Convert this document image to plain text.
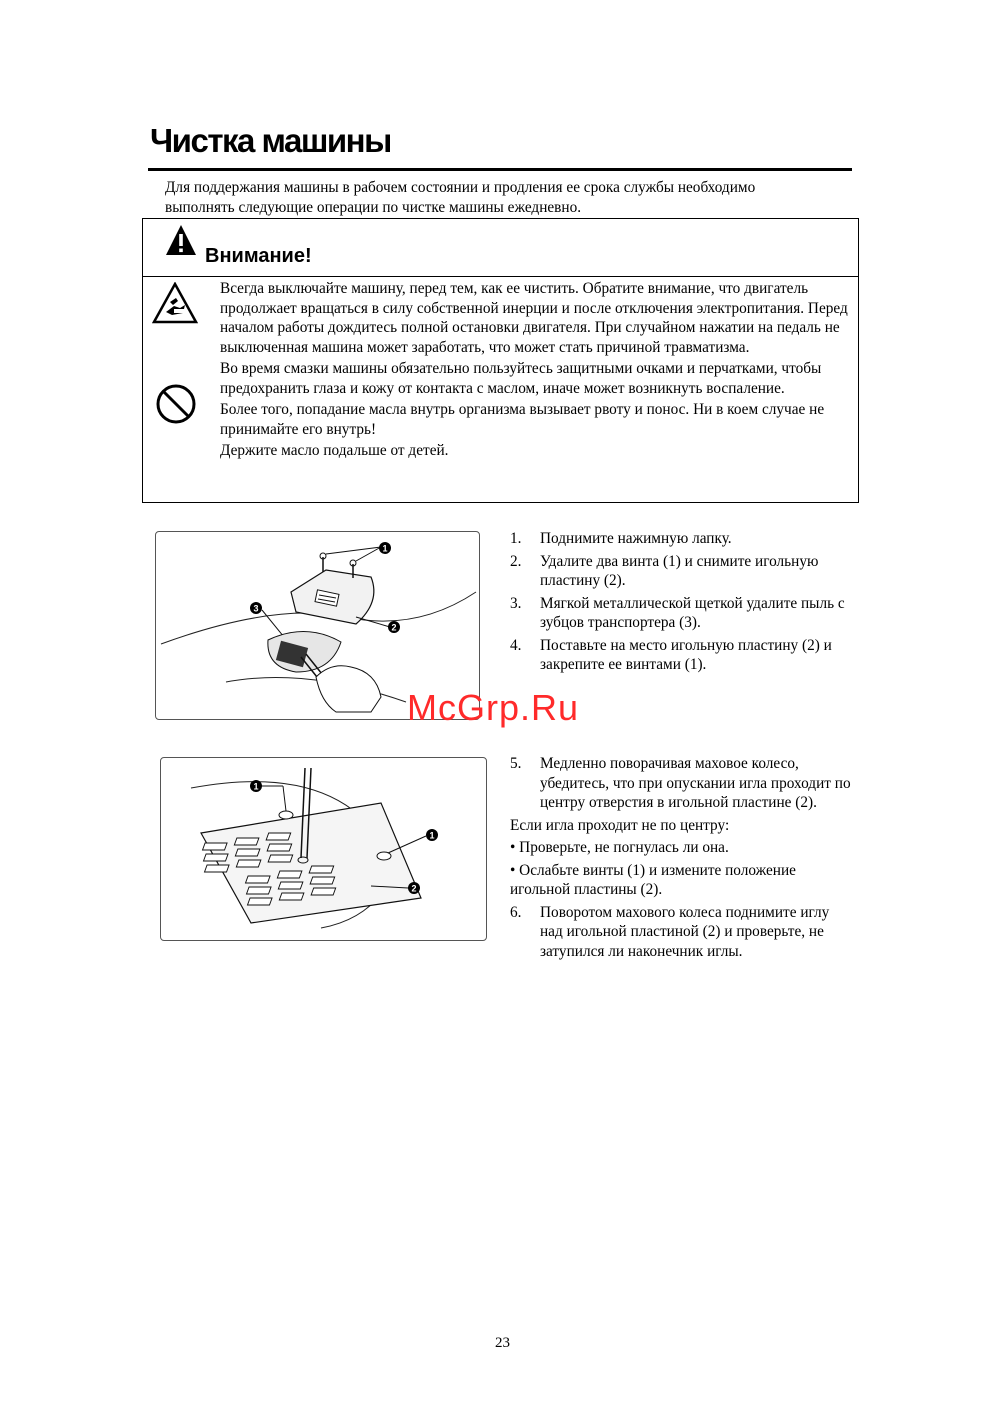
Чистка машины

Для поддержания машины в рабочем состоянии и продления ее срока службы необходимо

выполнять следующие операции по чистке машины ежедневно.

Внимание!

Всегда выключайте машину, перед тем, как ее чистить. Обратите внимание, что двигатель продолжает вращаться в силу собственной инерции и после отключения электропитания. Перед началом работы дождитесь полной остановки двигателя. При случайном нажатии на педаль не выключенная машина может заработать, что может стать причиной травматизма.

Во время смазки машины обязательно пользуйтесь защитными очками и перчатками, чтобы предохранить глаза и кожу от контакта с маслом, иначе может возникнуть воспаление.

Более того, попадание масла внутрь организма вызывает рвоту и понос. Ни в коем случае не принимайте его внутрь!

Держите масло подальше от детей.

1
2
3
1. Поднимите нажимную лапку.
2. Удалите два винта (1) и снимите игольную пластину (2).
3. Мягкой металлической щеткой удалите пыль с зубцов транспортера (3).
4. Поставьте на место игольную пластину (2) и закрепите ее винтами (1).
McGrp.Ru
1
1
2
5. Медленно поворачивая маховое колесо, убедитесь, что при опускании игла проходит по центру отверстия в игольной пластине (2).

Если игла проходит не по центру:

• Проверьте, не погнулась ли она.

• Ослабьте винты (1) и измените положение игольной пластины (2).

6. Поворотом махового колеса поднимите иглу над игольной пластиной (2) и проверьте, не затупился ли наконечник иглы.
23
